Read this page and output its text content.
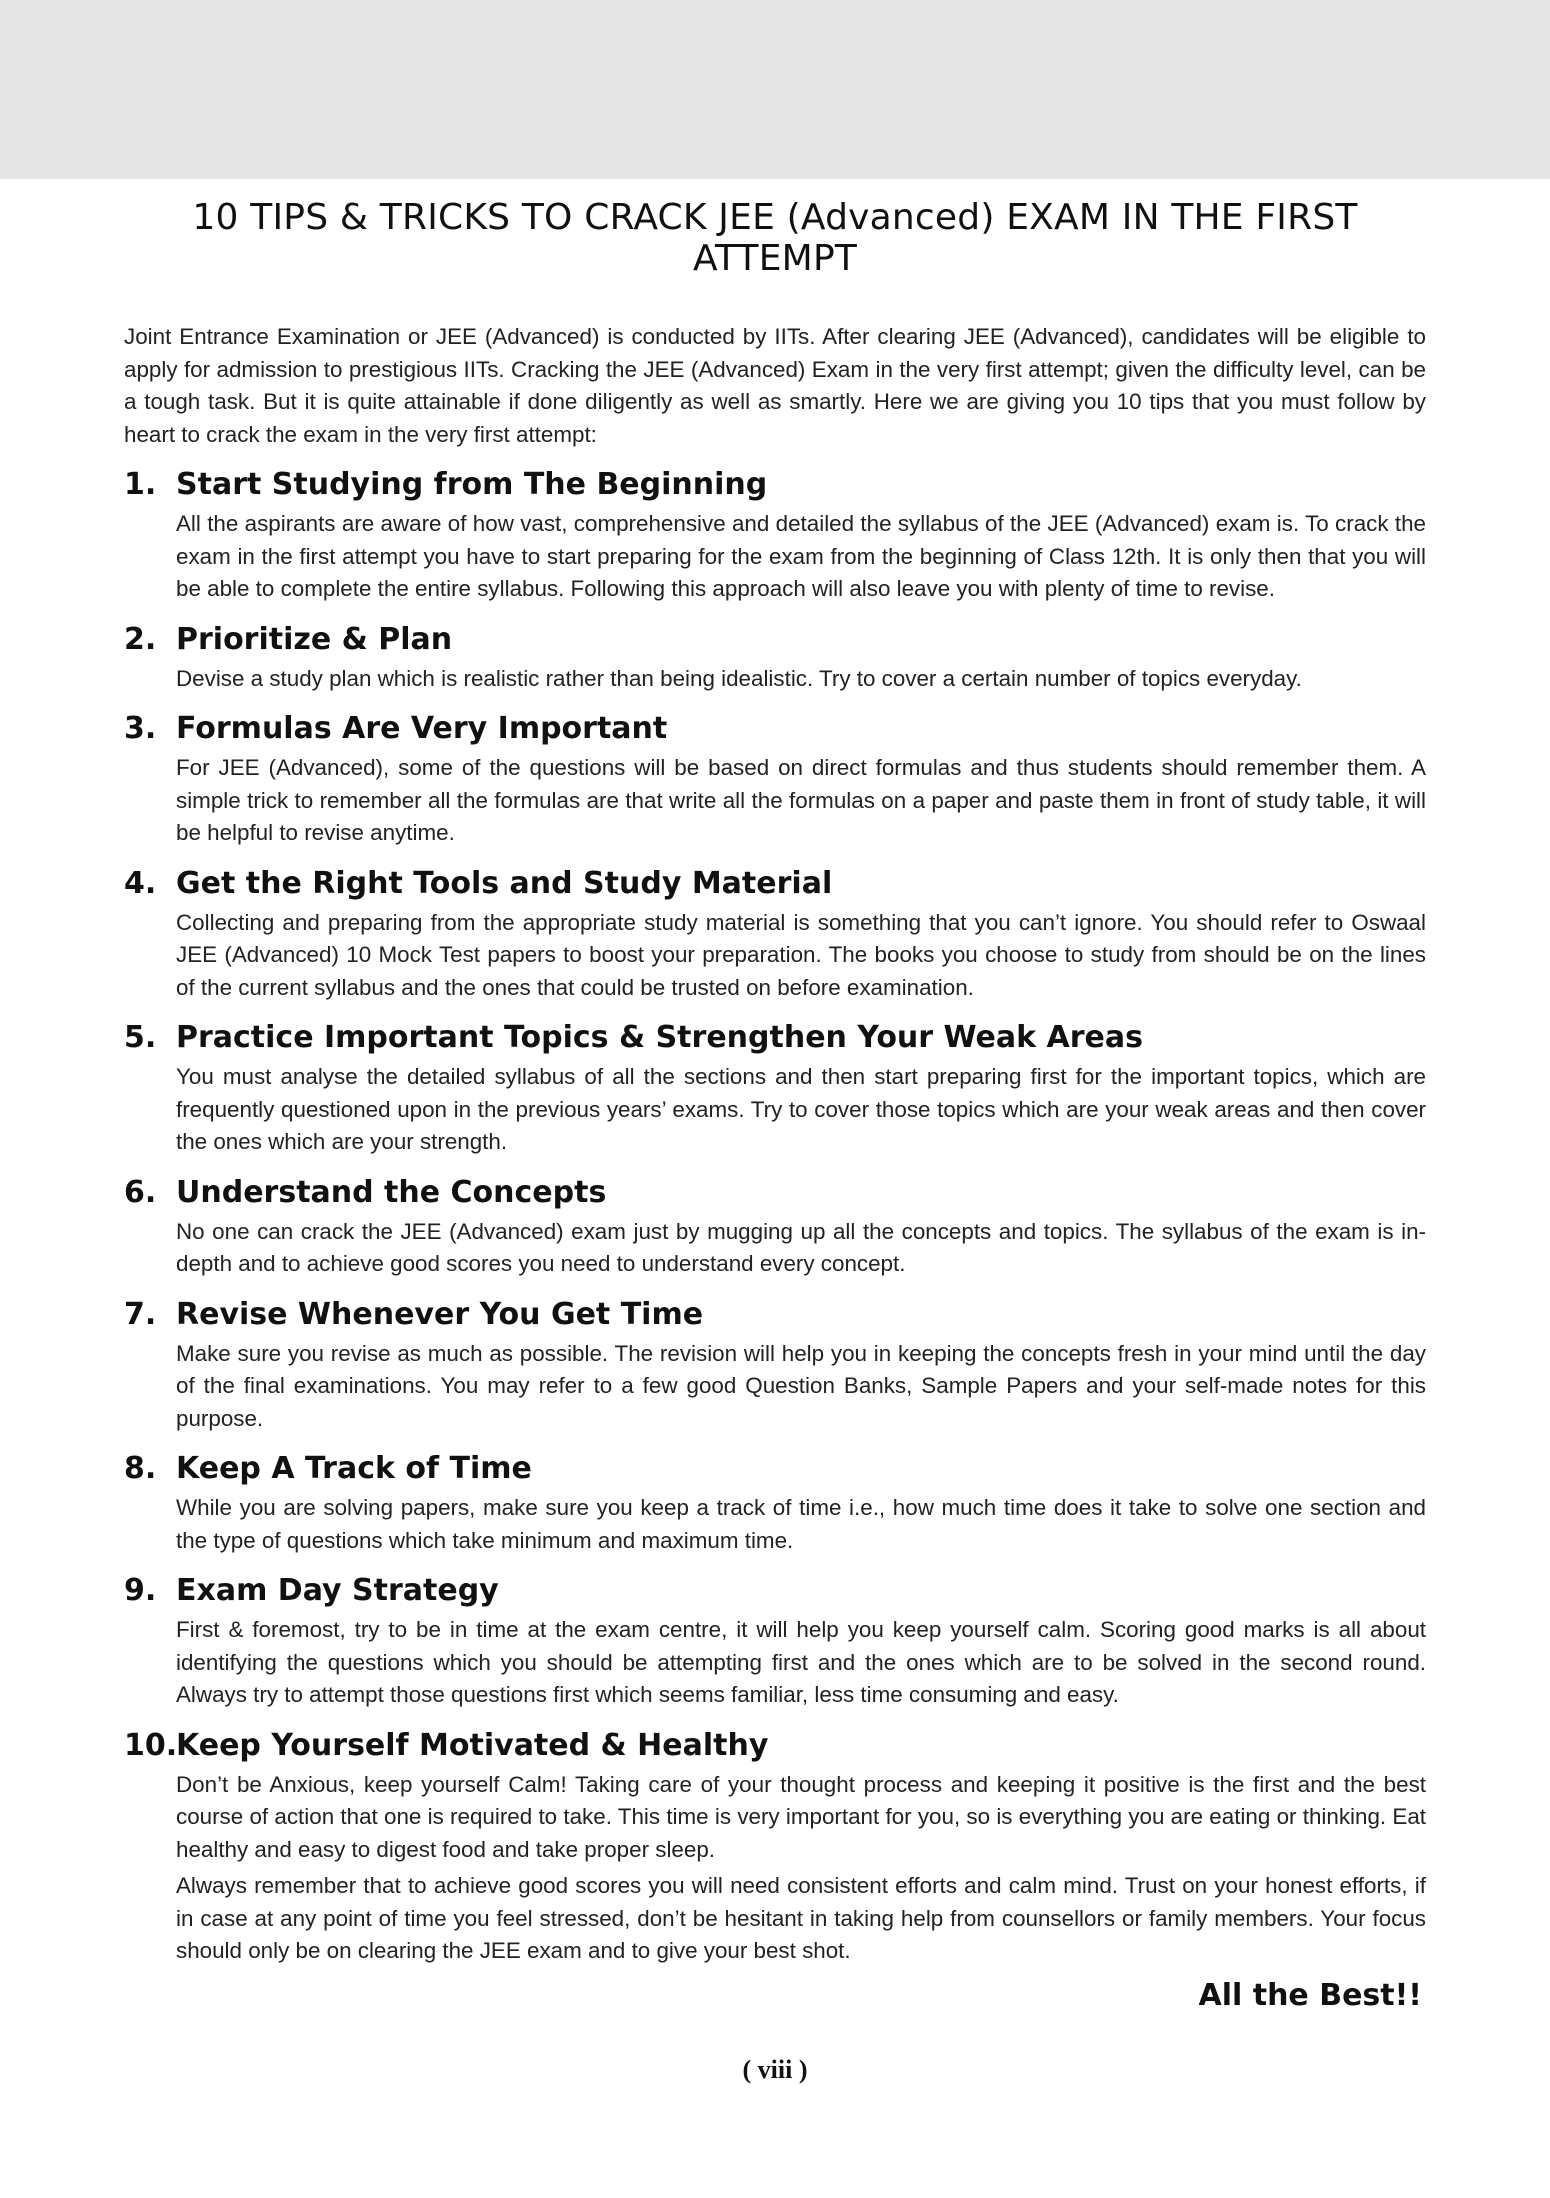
10 TIPS & TRICKS TO CRACK JEE (Advanced) EXAM IN THE FIRST ATTEMPT

Joint Entrance Examination or JEE (Advanced) is conducted by IITs. After clearing JEE (Advanced), candidates will be eligible to apply for admission to prestigious IITs. Cracking the JEE (Advanced) Exam in the very first attempt; given the difficulty level, can be a tough task. But it is quite attainable if done diligently as well as smartly. Here we are giving you 10 tips that you must follow by heart to crack the exam in the very first attempt:

1. Start Studying from The Beginning

All the aspirants are aware of how vast, comprehensive and detailed the syllabus of the JEE (Advanced) exam is. To crack the exam in the first attempt you have to start preparing for the exam from the beginning of Class 12th. It is only then that you will be able to complete the entire syllabus. Following this approach will also leave you with plenty of time to revise.

2. Prioritize & Plan

Devise a study plan which is realistic rather than being idealistic. Try to cover a certain number of topics everyday.

3. Formulas Are Very Important

For JEE (Advanced), some of the questions will be based on direct formulas and thus students should remember them. A simple trick to remember all the formulas are that write all the formulas on a paper and paste them in front of study table, it will be helpful to revise anytime.

4. Get the Right Tools and Study Material

Collecting and preparing from the appropriate study material is something that you can’t ignore. You should refer to Oswaal JEE (Advanced) 10 Mock Test papers to boost your preparation. The books you choose to study from should be on the lines of the current syllabus and the ones that could be trusted on before examination.

5. Practice Important Topics & Strengthen Your Weak Areas

You must analyse the detailed syllabus of all the sections and then start preparing first for the important topics, which are frequently questioned upon in the previous years’ exams. Try to cover those topics which are your weak areas and then cover the ones which are your strength.

6. Understand the Concepts

No one can crack the JEE (Advanced) exam just by mugging up all the concepts and topics. The syllabus of the exam is in-depth and to achieve good scores you need to understand every concept.

7. Revise Whenever You Get Time

Make sure you revise as much as possible. The revision will help you in keeping the concepts fresh in your mind until the day of the final examinations. You may refer to a few good Question Banks, Sample Papers and your self-made notes for this purpose.

8. Keep A Track of Time

While you are solving papers, make sure you keep a track of time i.e., how much time does it take to solve one section and the type of questions which take minimum and maximum time.

9. Exam Day Strategy

First & foremost, try to be in time at the exam centre, it will help you keep yourself calm. Scoring good marks is all about identifying the questions which you should be attempting first and the ones which are to be solved in the second round. Always try to attempt those questions first which seems familiar, less time consuming and easy.

10.
Keep Yourself Motivated & Healthy

Don’t be Anxious, keep yourself Calm! Taking care of your thought process and keeping it positive is the first and the best course of action that one is required to take. This time is very important for you, so is everything you are eating or thinking. Eat healthy and easy to digest food and take proper sleep.

Always remember that to achieve good scores you will need consistent efforts and calm mind. Trust on your honest efforts, if in case at any point of time you feel stressed, don’t be hesitant in taking help from counsellors or family members. Your focus should only be on clearing the JEE exam and to give your best shot.

All the Best!!
( viii )
